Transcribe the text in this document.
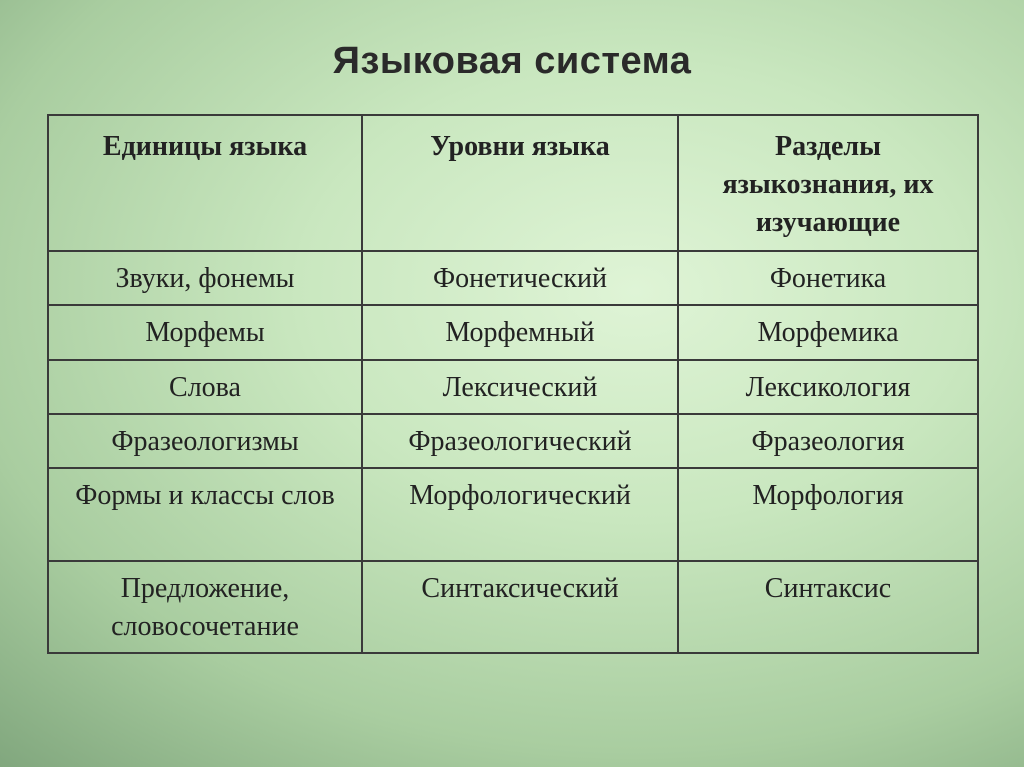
Языковая система
Единицы языка	Уровни языка	Разделы языкознания, их изучающие
Звуки, фонемы	Фонетический	Фонетика
Морфемы	Морфемный	Морфемика
Слова	Лексический	Лексикология
Фразеологизмы	Фразеологический	Фразеология
Формы и классы слов	Морфологический	Морфология
Предложение, словосочетание	Синтаксический	Синтаксис
